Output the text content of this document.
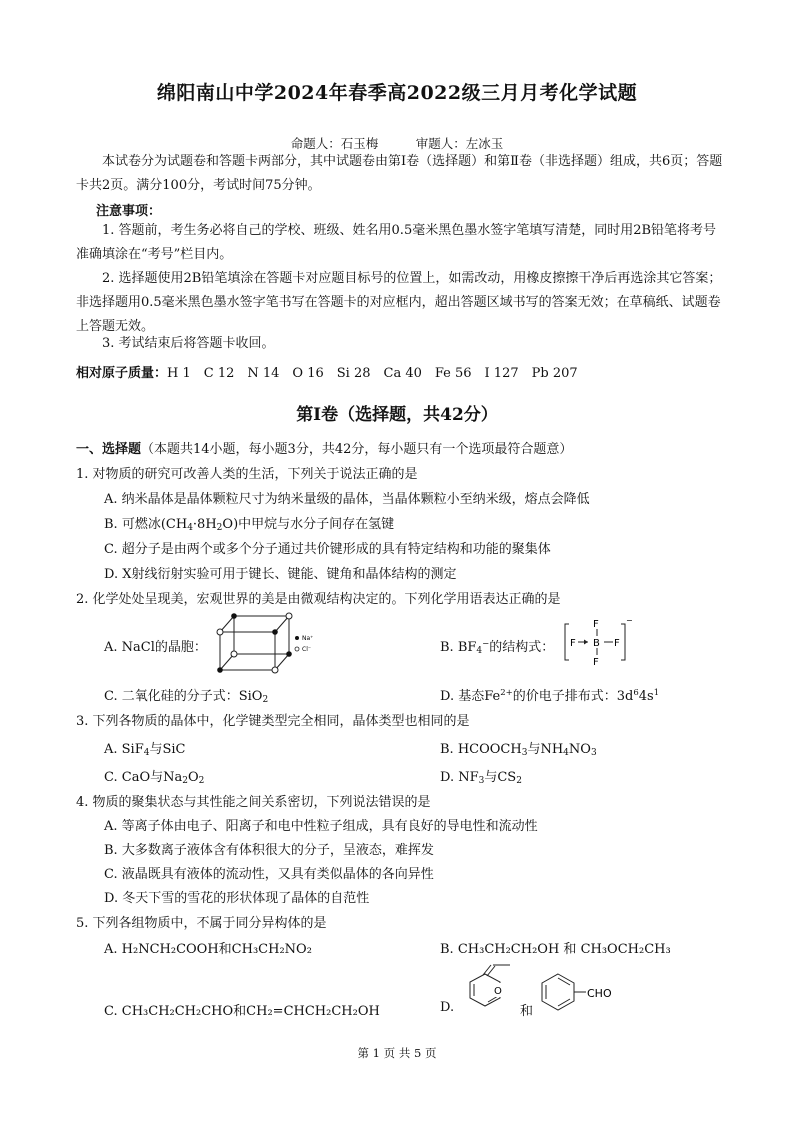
绵阳南山中学2024年春季高2022级三月月考化学试题
命题人：石玉梅　　　审题人：左冰玉
本试卷分为试题卷和答题卡两部分，其中试题卷由第Ⅰ卷（选择题）和第Ⅱ卷（非选择题）组成，共6页；答题卡共2页。满分100分，考试时间75分钟。
注意事项：
1. 答题前，考生务必将自己的学校、班级、姓名用0.5毫米黑色墨水签字笔填写清楚，同时用2B铅笔将考号准确填涂在“考号”栏目内。
2. 选择题使用2B铅笔填涂在答题卡对应题目标号的位置上，如需改动，用橡皮擦擦干净后再选涂其它答案；非选择题用0.5毫米黑色墨水签字笔书写在答题卡的对应框内，超出答题区域书写的答案无效；在草稿纸、试题卷上答题无效。
3. 考试结束后将答题卡收回。
相对原子质量：H 1　C 12　N 14　O 16　Si 28　Ca 40　Fe 56　I 127　Pb 207
第Ⅰ卷（选择题，共42分）
一、选择题（本题共14小题，每小题3分，共42分，每小题只有一个选项最符合题意）
1. 对物质的研究可改善人类的生活，下列关于说法正确的是
A. 纳米晶体是晶体颗粒尺寸为纳米量级的晶体，当晶体颗粒小至纳米级，熔点会降低
B. 可燃冰$(CH_4\cdot 8H_2O)$中甲烷与水分子间存在氢键
C. 超分子是由两个或多个分子通过共价键形成的具有特定结构和功能的聚集体
D. X射线衍射实验可用于键长、键能、键角和晶体结构的测定
2. 化学处处呈现美，宏观世界的美是由微观结构决定的。下列化学用语表达正确的是
A. NaCl的晶胞：
Na⁺
Cl⁻	B. $BF_4^-$的结构式：
F
F B F
F
−
C. 二氧化硅的分子式：SiO$_2$	D. 基态$Fe^{2+}$的价电子排布式：$3d^64s^1$
3. 下列各物质的晶体中，化学键类型完全相同，晶体类型也相同的是
A. SiF$_4$与SiC	B. $HCOOCH_3$与$NH_4NO_3$
C. CaO与$Na_2O_2$	D. $NF_3$与$CS_2$
4. 物质的聚集状态与其性能之间关系密切，下列说法错误的是
A. 等离子体由电子、阳离子和电中性粒子组成，具有良好的导电性和流动性
B. 大多数离子液体含有体积很大的分子，呈液态，难挥发
C. 液晶既具有液体的流动性，又具有类似晶体的各向异性
D. 冬天下雪的雪花的形状体现了晶体的自范性
5. 下列各组物质中，不属于同分异构体的是
A. H₂NCH₂COOH和CH₃CH₂NO₂	B. CH₃CH₂CH₂OH 和 CH₃OCH₂CH₃
C. CH₃CH₂CH₂CHO和CH₂=CHCH₂CH₂OH	D.
O
和
CHO
第 1 页 共 5 页
